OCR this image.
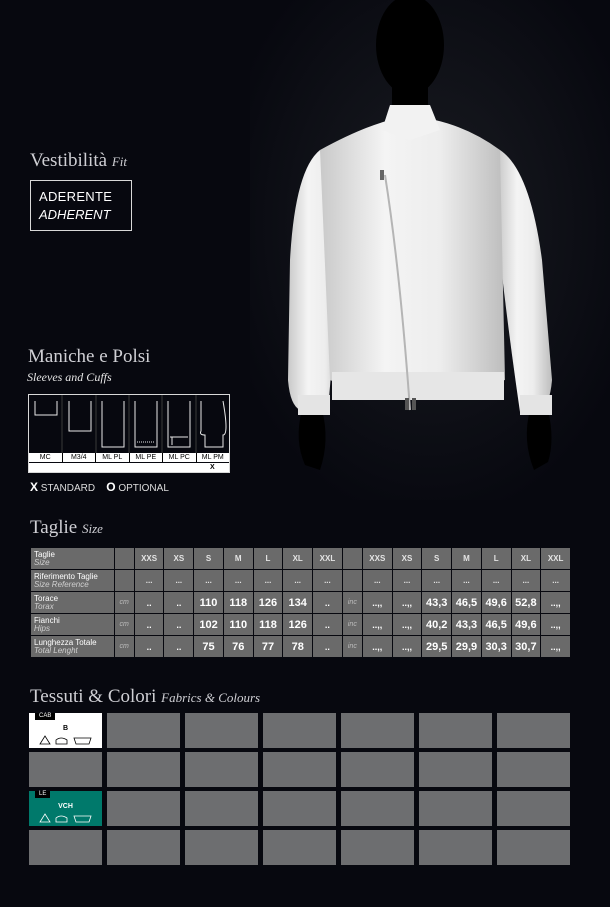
Vestibilità Fit
ADERENTE
ADHERENT
Maniche e Polsi
Sleeves and Cuffs
MC	M3/4	ML PL	ML PE	ML PC	ML PM
X
X STANDARD O OPTIONAL
Taglie Size
Taglie
Size		XXS	XS	S	M	L	XL	XXL		XXS	XS	S	M	L	XL	XXL

Riferimento Taglie
Size Reference		...	...	...	...	...	...	...		...	...	...	...	...	...	...

Torace
Torax	cm	..	..	110	118	126	134	..	inc	..,,	..,,	43,3	46,5	49,6	52,8	..,,

Fianchi
Hips	cm	..	..	102	110	118	126	..	inc	..,,	..,,	40,2	43,3	46,5	49,6	..,,

Lunghezza Totale
Total Lenght	cm	..	..	75	76	77	78	..	inc	..,,	..,,	29,5	29,9	30,3	30,7	..,,
Tessuti & Colori Fabrics & Colours
CAB
B
LE
VCH
